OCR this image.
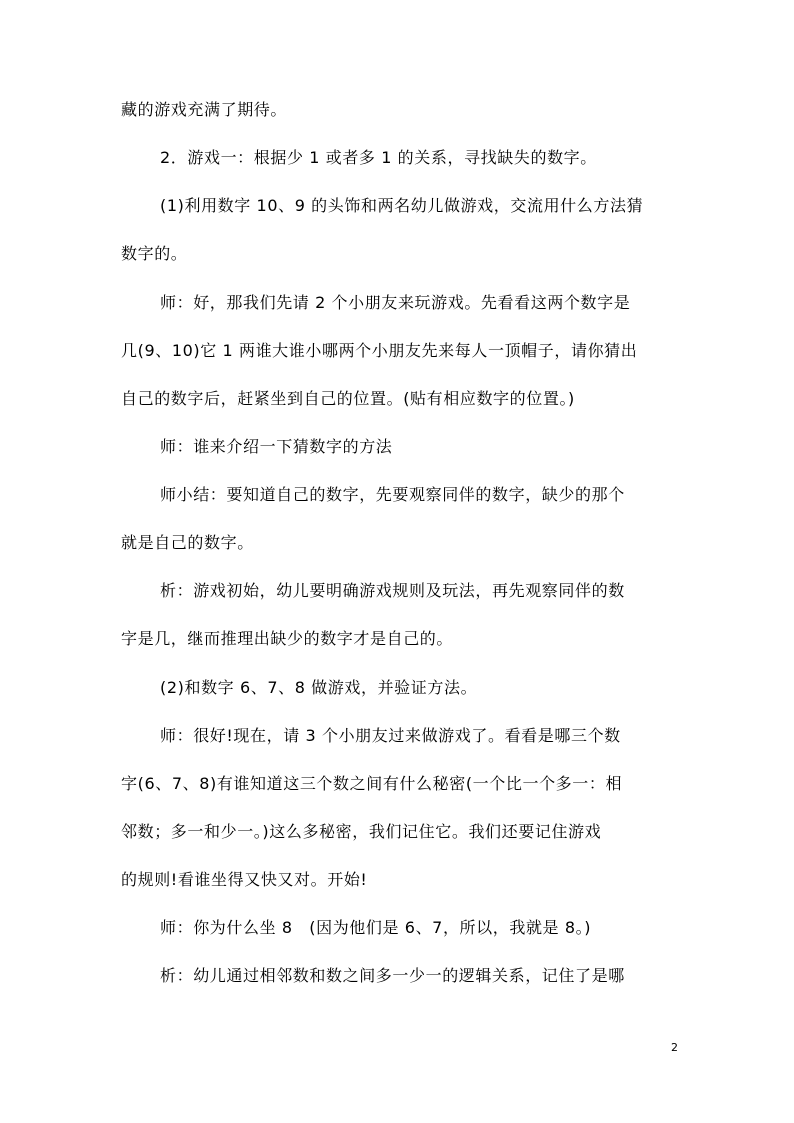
藏的游戏充满了期待。
2．游戏一：根据少 1 或者多 1 的关系，寻找缺失的数字。
(1)利用数字 10、9 的头饰和两名幼儿做游戏，交流用什么方法猜
数字的。
师：好，那我们先请 2 个小朋友来玩游戏。先看看这两个数字是
几(9、10)它 1 两谁大谁小哪两个小朋友先来每人一顶帽子，请你猜出
自己的数字后，赶紧坐到自己的位置。(贴有相应数字的位置。)
师：谁来介绍一下猜数字的方法
师小结：要知道自己的数字，先要观察同伴的数字，缺少的那个
就是自己的数字。
析：游戏初始，幼儿要明确游戏规则及玩法，再先观察同伴的数
字是几，继而推理出缺少的数字才是自己的。
(2)和数字 6、7、8 做游戏，并验证方法。
师：很好!现在，请 3 个小朋友过来做游戏了。看看是哪三个数
字(6、7、8)有谁知道这三个数之间有什么秘密(一个比一个多一：相
邻数；多一和少一。)这么多秘密，我们记住它。我们还要记住游戏
的规则!看谁坐得又快又对。开始!
师：你为什么坐 8　(因为他们是 6、7，所以，我就是 8。)
析：幼儿通过相邻数和数之间多一少一的逻辑关系，记住了是哪
2
